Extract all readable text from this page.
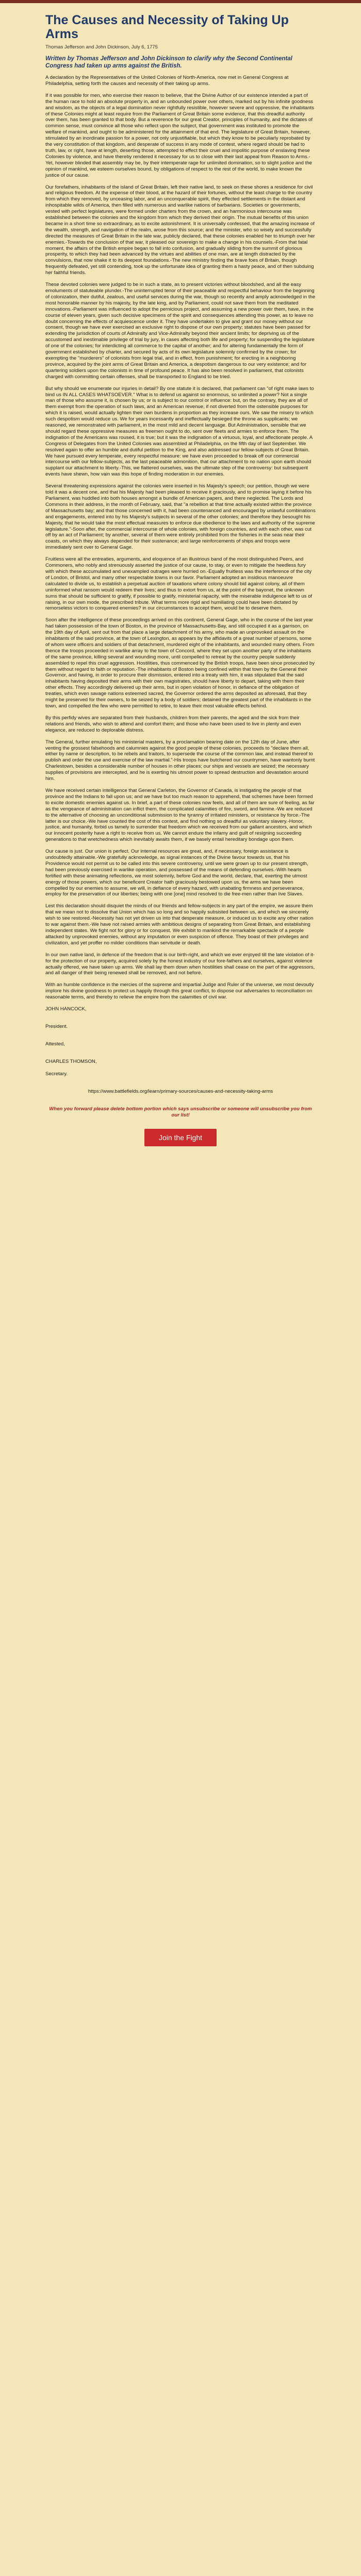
The Causes and Necessity of Taking Up Arms

Thomas Jefferson and John Dickinson, July 6, 1775

Written by Thomas Jefferson and John Dickinson to clarify why the Second Continental Congress had taken up arms against the British.

A declaration by the Representatives of the United Colonies of North-America, now met in General Congress at Philadelphia, setting forth the causes and necessity of their taking up arms.

If it was possible for men, who exercise their reason to believe, that the Divine Author of our existence intended a part of the human race to hold an absolute property in, and an unbounded power over others, marked out by his infinite goodness and wisdom, as the objects of a legal domination never rightfully resistible, however severe and oppressive, the inhabitants of these Colonies might at least require from the Parliament of Great Britain some evidence, that this dreadful authority over them, has been granted to that body. But a reverence for our great Creator, principles of humanity, and the dictates of common sense, must convince all those who reflect upon the subject, that government was instituted to promote the welfare of mankind, and ought to be administered for the attainment of that end. The legislature of Great Britain, however, stimulated by an inordinate passion for a power, not only unjustifiable, but which they know to be peculiarly reprobated by the very constitution of that kingdom, and desperate of success in any mode of contest, where regard should be had to truth, law, or right, have at length, deserting those, attempted to effect their cruel and impolitic purpose of enslaving these Colonies by violence, and have thereby rendered it necessary for us to close with their last appeal from Reason to Arms.-Yet, however blinded that assembly may be, by their intemperate rage for unlimited domination, so to slight justice and the opinion of mankind, we esteem ourselves bound, by obligations of respect to the rest of the world, to make known the justice of our cause.

Our forefathers, inhabitants of the island of Great Britain, left their native land, to seek on these shores a residence for civil and religious freedom. At the expense of their blood, at the hazard of their fortunes, without the least charge to the country from which they removed, by unceasing labor, and an unconquerable spirit, they effected settlements in the distant and inhospitable wilds of America, then filled with numerous and warlike nations of barbarians. Societies or governments, vested with perfect legislatures, were formed under charters from the crown, and an harmonious intercourse was established between the colonies and the kingdom from which they derived their origin. The mutual benefits of this union became in a short time so extraordinary, as to excite astonishment. It is universally confessed, that the amazing increase of the wealth, strength, and navigation of the realm, arose from this source; and the minister, who so wisely and successfully directed the measures of Great Britain in the late war, publicly declared, that these colonies enabled her to triumph over her enemies.-Towards the conclusion of that war, it pleased our sovereign to make a change in his counsels.-From that fatal moment, the affairs of the British empire began to fall into confusion, and gradually sliding from the summit of glorious prosperity, to which they had been advanced by the virtues and abilities of one man, are at length distracted by the convulsions, that now shake it to its deepest foundations.-The new ministry finding the brave foes of Britain, though frequently defeated, yet still contending, took up the unfortunate idea of granting them a hasty peace, and of then subduing her faithful friends.

These devoted colonies were judged to be in such a state, as to present victories without bloodshed, and all the easy emoluments of statuteable plunder.-The uninterrupted tenor of their peaceable and respectful behaviour from the beginning of colonization, their dutiful, zealous, and useful services during the war, though so recently and amply acknowledged in the most honorable manner by his majesty, by the late king, and by Parliament, could not save them from the meditated innovations.-Parliament was influenced to adopt the pernicious project, and assuming a new power over them, have, in the course of eleven years, given such decisive specimens of the spirit and consequences attending this power, as to leave no doubt concerning the effects of acquiescence under it. They have undertaken to give and grant our money without our consent, though we have ever exercised an exclusive right to dispose of our own property; statutes have been passed for extending the jurisdiction of courts of Admiralty and Vice-Admiralty beyond their ancient limits; for depriving us of the accustomed and inestimable privilege of trial by jury, in cases affecting both life and property; for suspending the legislature of one of the colonies; for interdicting all commerce to the capital of another; and for altering fundamentally the form of government established by charter, and secured by acts of its own legislature solemnly confirmed by the crown; for exempting the "murderers" of colonists from legal trial, and in effect, from punishment; for erecting in a neighboring province, acquired by the joint arms of Great Britain and America, a despotism dangerous to our very existence; and for quartering soldiers upon the colonists in time of profound peace. It has also been resolved in parliament, that colonists charged with committing certain offenses, shall be transported to England to be tried.

But why should we enumerate our injuries in detail? By one statute it is declared, that parliament can "of right make laws to bind us IN ALL CASES WHATSOEVER." What is to defend us against so enormous, so unlimited a power? Not a single man of those who assume it, is chosen by us; or is subject to our control or influence: but, on the contrary, they are all of them exempt from the operation of such laws, and an American revenue, if not diverted from the ostensible purposes for which it is raised, would actually lighten their own burdens in proportion as they increase ours. We saw the misery to which such despotism would reduce us. We for years incessantly and ineffectually besieged the throne as supplicants; we reasoned, we remonstrated with parliament, in the most mild and decent language. But Administration, sensible that we should regard these oppressive measures as freemen ought to do, sent over fleets and armies to enforce them. The indignation of the Americans was roused, it is true; but it was the indignation of a virtuous, loyal, and affectionate people. A Congress of Delegates from the United Colonies was assembled at Philadelphia, on the fifth day of last September. We resolved again to offer an humble and dutiful petition to the King, and also addressed our fellow-subjects of Great Britain. We have pursued every temperate, every respectful measure: we have even proceeded to break off our commercial intercourse with our fellow-subjects, as the last peaceable admonition, that our attachment to no nation upon earth should supplant our attachment to liberty.-This, we flattered ourselves, was the ultimate step of the controversy: but subsequent events have shewn, how vain was this hope of finding moderation in our enemies.

Several threatening expressions against the colonies were inserted in his Majesty's speech; our petition, though we were told it was a decent one, and that his Majesty had been pleased to receive it graciously, and to promise laying it before his Parliament, was huddled into both houses amongst a bundle of American papers, and there neglected. The Lords and Commons in their address, in the month of February, said, that "a rebellion at that time actually existed within the province of Massachusetts bay; and that those concerned with it, had been countenanced and encouraged by unlawful combinations and engagements, entered into by his Majesty's subjects in several of the other colonies; and therefore they besought his Majesty, that he would take the most effectual measures to enforce due obedience to the laws and authority of the supreme legislature."-Soon after, the commercial intercourse of whole colonies, with foreign countries, and with each other, was cut off by an act of Parliament; by another, several of them were entirely prohibited from the fisheries in the seas near their coasts, on which they always depended for their sustenance; and large reinforcements of ships and troops were immediately sent over to General Gage.

Fruitless were all the entreaties, arguments, and eloquence of an illustrious band of the most distinguished Peers, and Commoners, who nobly and strenuously asserted the justice of our cause, to stay, or even to mitigate the heedless fury with which these accumulated and unexampled outrages were hurried on.-Equally fruitless was the interference of the city of London, of Bristol, and many other respectable towns in our favor. Parliament adopted an insidious manoeuvre calculated to divide us, to establish a perpetual auction of taxations where colony should bid against colony, all of them uninformed what ransom would redeem their lives; and thus to extort from us, at the point of the bayonet, the unknown sums that should be sufficient to gratify, if possible to gratify, ministerial rapacity, with the miserable indulgence left to us of raising, in our own mode, the prescribed tribute. What terms more rigid and humiliating could have been dictated by remorseless victors to conquered enemies? in our circumstances to accept them, would be to deserve them.

Soon after the intelligence of these proceedings arrived on this continent, General Gage, who in the course of the last year had taken possession of the town of Boston, in the province of Massachusetts-Bay, and still occupied it as a garrison, on the 19th day of April, sent out from that place a large detachment of his army, who made an unprovoked assault on the inhabitants of the said province, at the town of Lexington, as appears by the affidavits of a great number of persons, some of whom were officers and soldiers of that detachment, murdered eight of the inhabitants, and wounded many others. From thence the troops proceeded in warlike array to the town of Concord, where they set upon another party of the inhabitants of the same province, killing several and wounding more, until compelled to retreat by the country people suddenly assembled to repel this cruel aggression. Hostilities, thus commenced by the British troops, have been since prosecuted by them without regard to faith or reputation.-The inhabitants of Boston being confined within that town by the General their Governor, and having, in order to procure their dismission, entered into a treaty with him, it was stipulated that the said inhabitants having deposited their arms with their own magistrates, should have liberty to depart, taking with them their other effects. They accordingly delivered up their arms, but in open violation of honor, in defiance of the obligation of treaties, which even savage nations esteemed sacred, the Governor ordered the arms deposited as aforesaid, that they might be preserved for their owners, to be seized by a body of soldiers; detained the greatest part of the inhabitants in the town, and compelled the few who were permitted to retire, to leave their most valuable effects behind.

By this perfidy wives are separated from their husbands, children from their parents, the aged and the sick from their relations and friends, who wish to attend and comfort them; and those who have been used to live in plenty and even elegance, are reduced to deplorable distress.

The General, further emulating his ministerial masters, by a proclamation bearing date on the 12th day of June, after venting the grossest falsehoods and calumnies against the good people of these colonies, proceeds to "declare them all, either by name or description, to be rebels and traitors, to supersede the course of the common law, and instead thereof to publish and order the use and exercise of the law martial."-His troops have butchered our countrymen, have wantonly burnt Charlestown, besides a considerable number of houses in other places; our ships and vessels are seized; the necessary supplies of provisions are intercepted, and he is exerting his utmost power to spread destruction and devastation around him.

We have received certain intelligence that General Carleton, the Governor of Canada, is instigating the people of that province and the Indians to fall upon us; and we have but too much reason to apprehend, that schemes have been formed to excite domestic enemies against us. In brief, a part of these colonies now feels, and all of them are sure of feeling, as far as the vengeance of administration can inflict them, the complicated calamities of fire, sword, and famine.-We are reduced to the alternative of choosing an unconditional submission to the tyranny of irritated ministers, or resistance by force.-The latter is our choice.-We have counted the cost of this contest, and find nothing so dreadful as voluntary slavery.-Honor, justice, and humanity, forbid us tamely to surrender that freedom which we received from our gallant ancestors, and which our innocent posterity have a right to receive from us. We cannot endure the infamy and guilt of resigning succeeding generations to that wretchedness which inevitably awaits them, if we basely entail hereditary bondage upon them.

Our cause is just. Our union is perfect. Our internal resources are great, and, if necessary, foreign assistance is undoubtedly attainable.-We gratefully acknowledge, as signal instances of the Divine favour towards us, that his Providence would not permit us to be called into this severe controversy, until we were grown up to our present strength, had been previously exercised in warlike operation, and possessed of the means of defending ourselves.-With hearts fortified with these animating reflections, we most solemnly, before God and the world, declare, that, exerting the utmost energy of those powers, which our beneficent Creator hath graciously bestowed upon us, the arms we have been compelled by our enemies to assume, we will, in defiance of every hazard, with unabating firmness and perseverance, employ for the preservation of our liberties; being with one [one] mind resolved to die free-men rather than live Slaves.

Lest this declaration should disquiet the minds of our friends and fellow-subjects in any part of the empire, we assure them that we mean not to dissolve that Union which has so long and so happily subsisted between us, and which we sincerely wish to see restored.-Necessity has not yet driven us into that desperate measure, or induced us to excite any other nation to war against them.-We have not raised armies with ambitious designs of separating from Great Britain, and establishing independent states. We fight not for glory or for conquest. We exhibit to mankind the remarkable spectacle of a people attacked by unprovoked enemies, without any imputation or even suspicion of offence. They boast of their privileges and civilization, and yet proffer no milder conditions than servitude or death.

In our own native land, in defence of the freedom that is our birth-right, and which we ever enjoyed till the late violation of it-for the protection of our property, acquired solely by the honest industry of our fore-fathers and ourselves, against violence actually offered, we have taken up arms. We shall lay them down when hostilities shall cease on the part of the aggressors, and all danger of their being renewed shall be removed, and not before.

With an humble confidence in the mercies of the supreme and impartial Judge and Ruler of the universe, we most devoutly implore his divine goodness to protect us happily through this great conflict, to dispose our adversaries to reconciliation on reasonable terms, and thereby to relieve the empire from the calamities of civil war.

JOHN HANCOCK,

President.

Attested,

CHARLES THOMSON,

Secretary.

https://www.battlefields.org/learn/primary-sources/causes-and-necessity-taking-arms

When you forward please delete bottom portion which says unsubscribe or someone will unsubscribe you from our list!

Join the Fight
